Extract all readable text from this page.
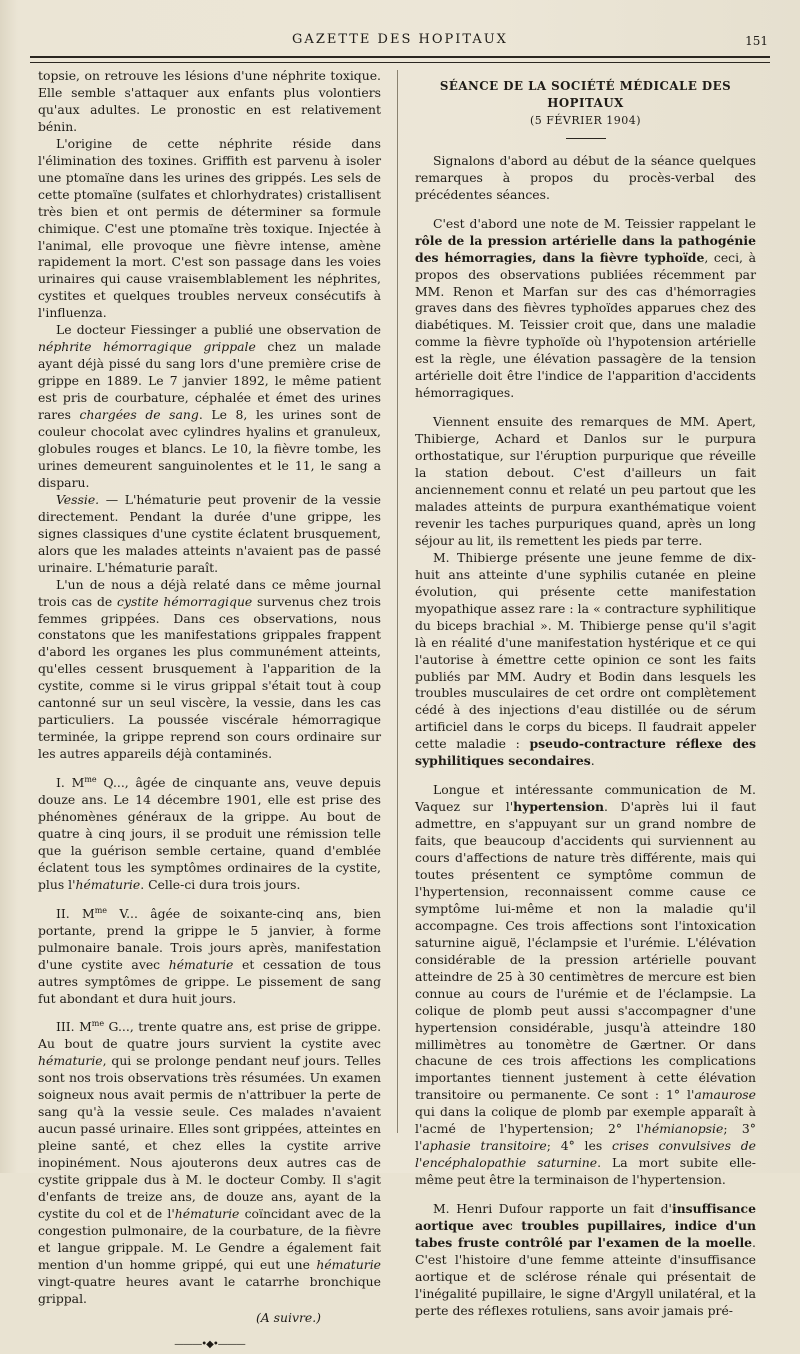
GAZETTE DES HOPITAUX	151

topsie, on retrouve les lésions d'une néphrite toxique. Elle semble s'attaquer aux enfants plus volontiers qu'aux adultes. Le pronostic en est relativement bénin.

L'origine de cette néphrite réside dans l'élimination des toxines. Griffith est parvenu à isoler une ptomaïne dans les urines des grippés. Les sels de cette ptomaïne (sulfates et chlorhydrates) cristallisent très bien et ont permis de déterminer sa formule chimique. C'est une ptomaïne très toxique. Injectée à l'animal, elle provoque une fièvre intense, amène rapidement la mort. C'est son passage dans les voies urinaires qui cause vraisemblablement les néphrites, cystites et quelques troubles nerveux consécutifs à l'influenza.

Le docteur Fiessinger a publié une observation de néphrite hémorragique grippale chez un malade ayant déjà pissé du sang lors d'une première crise de grippe en 1889. Le 7 janvier 1892, le même patient est pris de courbature, céphalée et émet des urines rares chargées de sang. Le 8, les urines sont de couleur chocolat avec cylindres hyalins et granuleux, globules rouges et blancs. Le 10, la fièvre tombe, les urines demeurent sanguinolentes et le 11, le sang a disparu.

Vessie. — L'hématurie peut provenir de la vessie directement. Pendant la durée d'une grippe, les signes classiques d'une cystite éclatent brusquement, alors que les malades atteints n'avaient pas de passé urinaire. L'hématurie paraît.

L'un de nous a déjà relaté dans ce même journal trois cas de cystite hémorragique survenus chez trois femmes grippées. Dans ces observations, nous constatons que les manifestations grippales frappent d'abord les organes les plus communément atteints, qu'elles cessent brusquement à l'apparition de la cystite, comme si le virus grippal s'était tout à coup cantonné sur un seul viscère, la vessie, dans les cas particuliers. La poussée viscérale hémorragique terminée, la grippe reprend son cours ordinaire sur les autres appareils déjà contaminés.

I. $M^{me}$ Q..., âgée de cinquante ans, veuve depuis douze ans. Le 14 décembre 1901, elle est prise des phénomènes généraux de la grippe. Au bout de quatre à cinq jours, il se produit une rémission telle que la guérison semble certaine, quand d'emblée éclatent tous les symptômes ordinaires de la cystite, plus l'hématurie. Celle-ci dura trois jours.

II. $M^{me}$ V... âgée de soixante-cinq ans, bien portante, prend la grippe le 5 janvier, à forme pulmonaire banale. Trois jours après, manifestation d'une cystite avec hématurie et cessation de tous autres symptômes de grippe. Le pissement de sang fut abondant et dura huit jours.

III. $M^{me}$ G..., trente quatre ans, est prise de grippe. Au bout de quatre jours survient la cystite avec hématurie, qui se prolonge pendant neuf jours. Telles sont nos trois observations très résumées. Un examen soigneux nous avait permis de n'attribuer la perte de sang qu'à la vessie seule. Ces malades n'avaient aucun passé urinaire. Elles sont grippées, atteintes en pleine santé, et chez elles la cystite arrive inopinément. Nous ajouterons deux autres cas de cystite grippale dus à M. le docteur Comby. Il s'agit d'enfants de treize ans, de douze ans, ayant de la cystite du col et de l'hématurie coïncidant avec de la congestion pulmonaire, de la courbature, de la fièvre et langue grippale. M. Le Gendre a également fait mention d'un homme grippé, qui eut une hématurie vingt-quatre heures avant le catarrhe bronchique grippal.

(A suivre.)
———•◆•———
SÉANCE DE LA SOCIÉTÉ MÉDICALE DES HOPITAUX
(5 FÉVRIER 1904)

Signalons d'abord au début de la séance quelques remarques à propos du procès-verbal des précédentes séances.

C'est d'abord une note de M. Teissier rappelant le rôle de la pression artérielle dans la pathogénie des hémorragies, dans la fièvre typhoïde, ceci, à propos des observations publiées récemment par MM. Renon et Marfan sur des cas d'hémorragies graves dans des fièvres typhoïdes apparues chez des diabétiques. M. Teissier croit que, dans une maladie comme la fièvre typhoïde où l'hypotension artérielle est la règle, une élévation passagère de la tension artérielle doit être l'indice de l'apparition d'accidents hémorragiques.

Viennent ensuite des remarques de MM. Apert, Thibierge, Achard et Danlos sur le purpura orthostatique, sur l'éruption purpurique que réveille la station debout. C'est d'ailleurs un fait anciennement connu et relaté un peu partout que les malades atteints de purpura exanthématique voient revenir les taches purpuriques quand, après un long séjour au lit, ils remettent les pieds par terre.

M. Thibierge présente une jeune femme de dix-huit ans atteinte d'une syphilis cutanée en pleine évolution, qui présente cette manifestation myopathique assez rare : la « contracture syphilitique du biceps brachial ». M. Thibierge pense qu'il s'agit là en réalité d'une manifestation hystérique et ce qui l'autorise à émettre cette opinion ce sont les faits publiés par MM. Audry et Bodin dans lesquels les troubles musculaires de cet ordre ont complètement cédé à des injections d'eau distillée ou de sérum artificiel dans le corps du biceps. Il faudrait appeler cette maladie : pseudo-contracture réflexe des syphilitiques secondaires.

Longue et intéressante communication de M. Vaquez sur l'hypertension. D'après lui il faut admettre, en s'appuyant sur un grand nombre de faits, que beaucoup d'accidents qui surviennent au cours d'affections de nature très différente, mais qui toutes présentent ce symptôme commun de l'hypertension, reconnaissent comme cause ce symptôme lui-même et non la maladie qu'il accompagne. Ces trois affections sont l'intoxication saturnine aiguë, l'éclampsie et l'urémie. L'élévation considérable de la pression artérielle pouvant atteindre de 25 à 30 centimètres de mercure est bien connue au cours de l'urémie et de l'éclampsie. La colique de plomb peut aussi s'accompagner d'une hypertension considérable, jusqu'à atteindre 180 millimètres au tonomètre de Gærtner. Or dans chacune de ces trois affections les complications importantes tiennent justement à cette élévation transitoire ou permanente. Ce sont : 1° l'amaurose qui dans la colique de plomb par exemple apparaît à l'acmé de l'hypertension; 2° l'hémianopsie; 3° l'aphasie transitoire; 4° les crises convulsives de l'encéphalopathie saturnine. La mort subite elle-même peut être la terminaison de l'hypertension.

M. Henri Dufour rapporte un fait d'insuffisance aortique avec troubles pupillaires, indice d'un tabes fruste contrôlé par l'examen de la moelle. C'est l'histoire d'une femme atteinte d'insuffisance aortique et de sclérose rénale qui présentait de l'inégalité pupillaire, le signe d'Argyll unilatéral, et la perte des réflexes rotuliens, sans avoir jamais pré-
